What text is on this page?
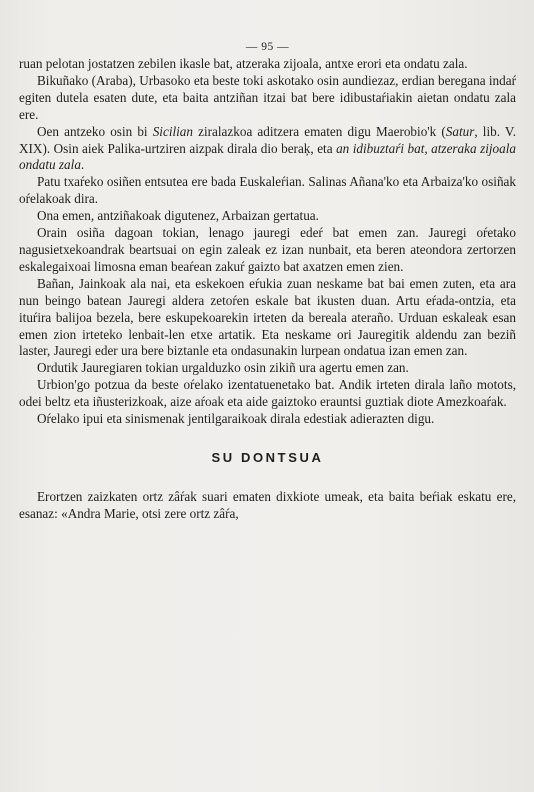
— 95 —

ruan pelotan jostatzen zebilen ikasle bat, atzeraka zijoala, antxe erori eta ondatu zala.

Bikuñako (Araba), Urbasoko eta beste toki askotako osin aundiezaz, erdian beregana indaŕ egiten dutela esaten dute, eta baita antziñan itzai bat bere idibustaŕiakin aietan ondatu zala ere.

Oen antzeko osin bi Sicilian ziralazkoa aditzera ematen digu Maerobio'k (Satur, lib. V. XIX). Osin aiek Palika-urtziren aizpak dirala dio beraķ, eta an idibuztaŕi bat, atzeraka zijoala ondatu zala.

Patu txaŕeko osiñen entsutea ere bada Euskaleŕian. Salinas Añana'ko eta Arbaiza'ko osiñak oŕelakoak dira.

Ona emen, antziñakoak digutenez, Arbaizan gertatua.

Orain osiña dagoan tokian, lenago jauregi edeŕ bat emen zan. Jauregi oŕetako nagusietxekoandrak beartsuai on egin zaleak ez izan nunbait, eta beren ateondora zertorzen eskalegaixoai limosna eman beaŕean zakuŕ gaizto bat axatzen emen zien.

Bañan, Jainkoak ala nai, eta eskekoen eŕukia zuan neskame bat bai emen zuten, eta ara nun beingo batean Jauregi aldera zetoŕen eskale bat ikusten duan. Artu eŕada-ontzia, eta ituŕira balijoa bezela, bere eskupekoarekin irteten da bereala ateraño. Urduan eskaleak esan emen zion irteteko lenbait-len etxe artatik. Eta neskame ori Jauregitik aldendu zan beziñ laster, Jauregi eder ura bere biztanle eta ondasunakin lurpean ondatua izan emen zan.

Ordutik Jauregiaren tokian urgalduzko osin zikiñ ura agertu emen zan.

Urbion'go potzua da beste oŕelako izentatuenetako bat. Andik irteten dirala laño motots, odei beltz eta iñusterizkoak, aize aŕoak eta aide gaiztoko erauntsi guztiak diote Amezkoaŕak.

Oŕelako ipui eta sinismenak jentilgaraikoak dirala edestiak adierazten digu.

SU DONTSUA

Erortzen zaizkaten ortz zâŕak suari ematen dixkiote umeak, eta baita beŕiak eskatu ere, esanaz: «Andra Marie, otsi zere ortz zâŕa,
